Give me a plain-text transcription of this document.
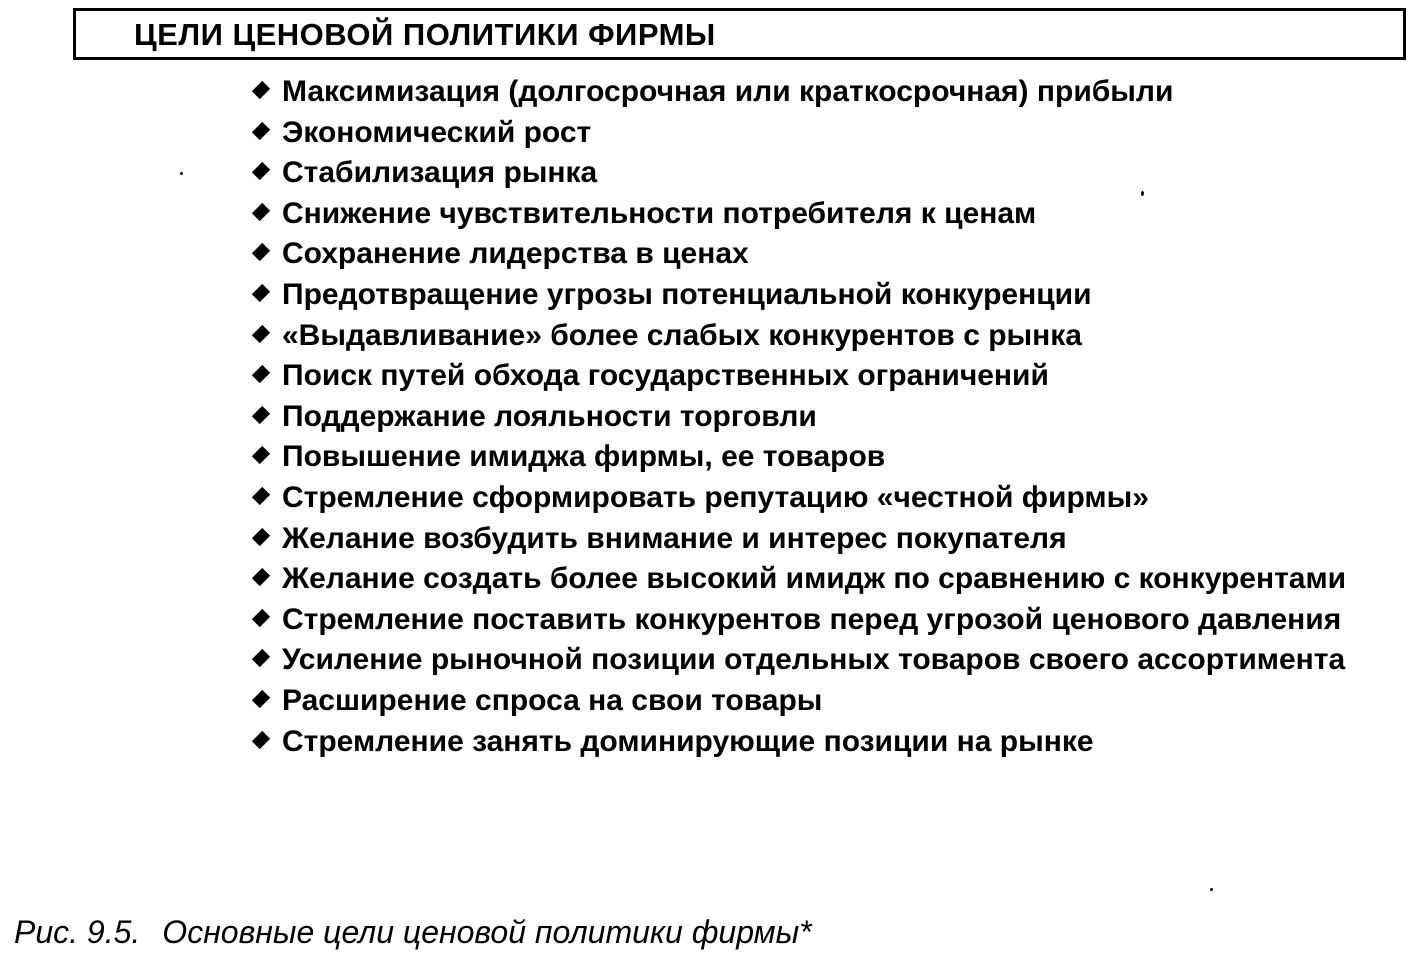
ЦЕЛИ ЦЕНОВОЙ ПОЛИТИКИ ФИРМЫ
Максимизация (долгосрочная или краткосрочная) прибыли
Экономический рост
Стабилизация рынка
Снижение чувствительности потребителя к ценам
Сохранение лидерства в ценах
Предотвращение угрозы потенциальной конкуренции
«Выдавливание» более слабых конкурентов с рынка
Поиск путей обхода государственных ограничений
Поддержание лояльности торговли
Повышение имиджа фирмы, ее товаров
Стремление сформировать репутацию «честной фирмы»
Желание возбудить внимание и интерес покупателя
Желание создать более высокий имидж по сравнению с конкурентами
Стремление поставить конкурентов перед угрозой ценового давления
Усиление рыночной позиции отдельных товаров своего ассортимента
Расширение спроса на свои товары
Стремление занять доминирующие позиции на рынке
Рис. 9.5. Основные цели ценовой политики фирмы*
